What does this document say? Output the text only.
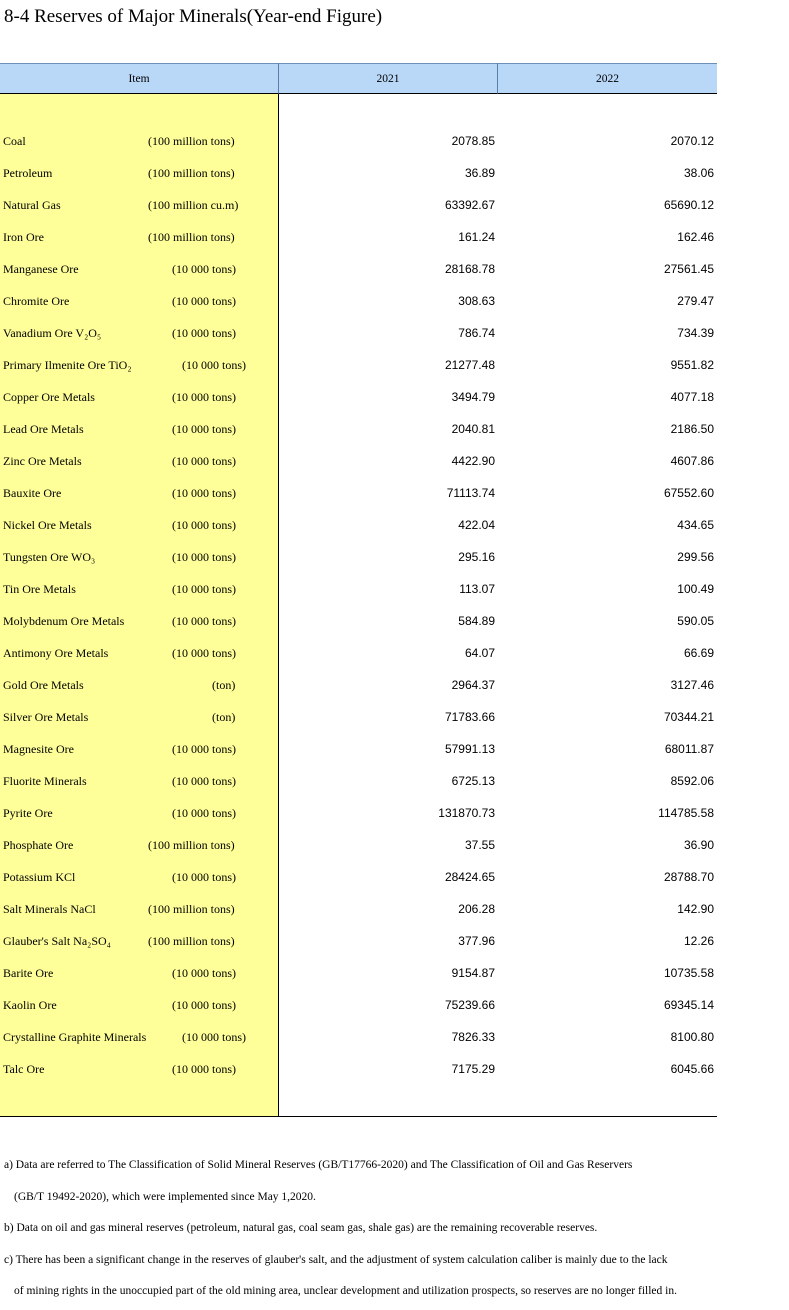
8-4 Reserves of Major Minerals(Year-end Figure)
Item	2021	2022
Coal	(100 million tons)	2078.85	2070.12
Petroleum	(100 million tons)	36.89	38.06
Natural Gas	(100 million cu.m)	63392.67	65690.12
Iron Ore	(100 million tons)	161.24	162.46
Manganese Ore	(10 000 tons)	28168.78	27561.45
Chromite Ore	(10 000 tons)	308.63	279.47
Vanadium Ore V₂O₅	(10 000 tons)	786.74	734.39
Primary Ilmenite Ore TiO₂	(10 000 tons)	21277.48	9551.82
Copper Ore Metals	(10 000 tons)	3494.79	4077.18
Lead Ore Metals	(10 000 tons)	2040.81	2186.50
Zinc Ore Metals	(10 000 tons)	4422.90	4607.86
Bauxite Ore	(10 000 tons)	71113.74	67552.60
Nickel Ore Metals	(10 000 tons)	422.04	434.65
Tungsten Ore WO₃	(10 000 tons)	295.16	299.56
Tin Ore Metals	(10 000 tons)	113.07	100.49
Molybdenum Ore Metals	(10 000 tons)	584.89	590.05
Antimony Ore Metals	(10 000 tons)	64.07	66.69
Gold Ore Metals	(ton)	2964.37	3127.46
Silver Ore Metals	(ton)	71783.66	70344.21
Magnesite Ore	(10 000 tons)	57991.13	68011.87
Fluorite Minerals	(10 000 tons)	6725.13	8592.06
Pyrite Ore	(10 000 tons)	131870.73	114785.58
Phosphate Ore	(100 million tons)	37.55	36.90
Potassium KCl	(10 000 tons)	28424.65	28788.70
Salt Minerals NaCl	(100 million tons)	206.28	142.90
Glauber's Salt Na₂SO₄	(100 million tons)	377.96	12.26
Barite Ore	(10 000 tons)	9154.87	10735.58
Kaolin Ore	(10 000 tons)	75239.66	69345.14
Crystalline Graphite Minerals	(10 000 tons)	7826.33	8100.80
Talc Ore	(10 000 tons)	7175.29	6045.66
a) Data are referred to The Classification of Solid Mineral Reserves (GB/T17766-2020) and The Classification of Oil and Gas Reservers
(GB/T 19492-2020), which were implemented since May 1,2020.
b) Data on oil and gas mineral reserves (petroleum, natural gas, coal seam gas, shale gas) are the remaining recoverable reserves.
c) There has been a significant change in the reserves of glauber's salt, and the adjustment of system calculation caliber is mainly due to the lack
of mining rights in the unoccupied part of the old mining area, unclear development and utilization prospects, so reserves are no longer filled in.
